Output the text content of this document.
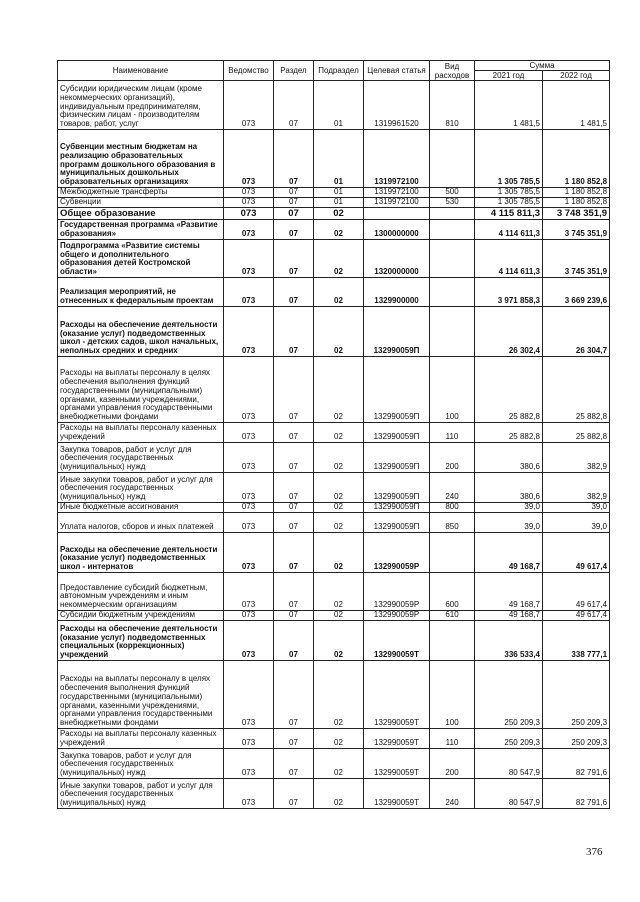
Наименование	Ведомство	Раздел	Подраздел	Целевая статья	Вид расходов	Сумма	
						2021 год	2022 год
Субсидии юридическим лицам (кроме некоммерческих организаций), индивидуальным предпринимателям, физическим лицам - производителям товаров, работ, услуг	073	07	01	1319961520	810	1 481,5	1 481,5
Субвенции местным бюджетам на реализацию образовательных программ дошкольного образования в муниципальных дошкольных образовательных организациях	073	07	01	1319972100		1 305 785,5	1 180 852,8
Межбюджетные трансферты	073	07	01	1319972100	500	1 305 785,5	1 180 852,8
Субвенции	073	07	01	1319972100	530	1 305 785,5	1 180 852,8
Общее образование	073	07	02			4 115 811,3	3 748 351,9
Государственная программа «Развитие образования»	073	07	02	1300000000		4 114 611,3	3 745 351,9
Подпрограмма «Развитие системы общего и дополнительного образования детей Костромской области»	073	07	02	1320000000		4 114 611,3	3 745 351,9
Реализация мероприятий, не отнесенных к федеральным проектам	073	07	02	1329900000		3 971 858,3	3 669 239,6
Расходы на обеспечение деятельности (оказание услуг) подведомственных школ - детских садов, школ начальных, неполных средних и средних	073	07	02	132990059П		26 302,4	26 304,7
Расходы на выплаты персоналу в целях обеспечения выполнения функций государственными (муниципальными) органами, казенными учреждениями, органами управления государственными внебюджетными фондами	073	07	02	132990059П	100	25 882,8	25 882,8
Расходы на выплаты персоналу казенных учреждений	073	07	02	132990059П	110	25 882,8	25 882,8
Закупка товаров, работ и услуг для обеспечения государственных (муниципальных) нужд	073	07	02	132990059П	200	380,6	382,9
Иные закупки товаров, работ и услуг для обеспечения государственных (муниципальных) нужд	073	07	02	132990059П	240	380,6	382,9
Иные бюджетные ассигнования	073	07	02	132990059П	800	39,0	39,0
Уплата налогов, сборов и иных платежей	073	07	02	132990059П	850	39,0	39,0
Расходы на обеспечение деятельности (оказание услуг) подведомственных школ - интернатов	073	07	02	132990059Р		49 168,7	49 617,4
Предоставление субсидий бюджетным, автономным учреждениям и иным некоммерческим организациям	073	07	02	132990059Р	600	49 168,7	49 617,4
Субсидии бюджетным учреждениям	073	07	02	132990059Р	610	49 168,7	49 617,4
Расходы на обеспечение деятельности (оказание услуг) подведомственных специальных (коррекционных) учреждений	073	07	02	132990059Т		336 533,4	338 777,1
Расходы на выплаты персоналу в целях обеспечения выполнения функций государственными (муниципальными) органами, казенными учреждениями, органами управления государственными внебюджетными фондами	073	07	02	132990059Т	100	250 209,3	250 209,3
Расходы на выплаты персоналу казенных учреждений	073	07	02	132990059Т	110	250 209,3	250 209,3
Закупка товаров, работ и услуг для обеспечения государственных (муниципальных) нужд	073	07	02	132990059Т	200	80 547,9	82 791,6
Иные закупки товаров, работ и услуг для обеспечения государственных (муниципальных) нужд	073	07	02	132990059Т	240	80 547,9	82 791,6
376
